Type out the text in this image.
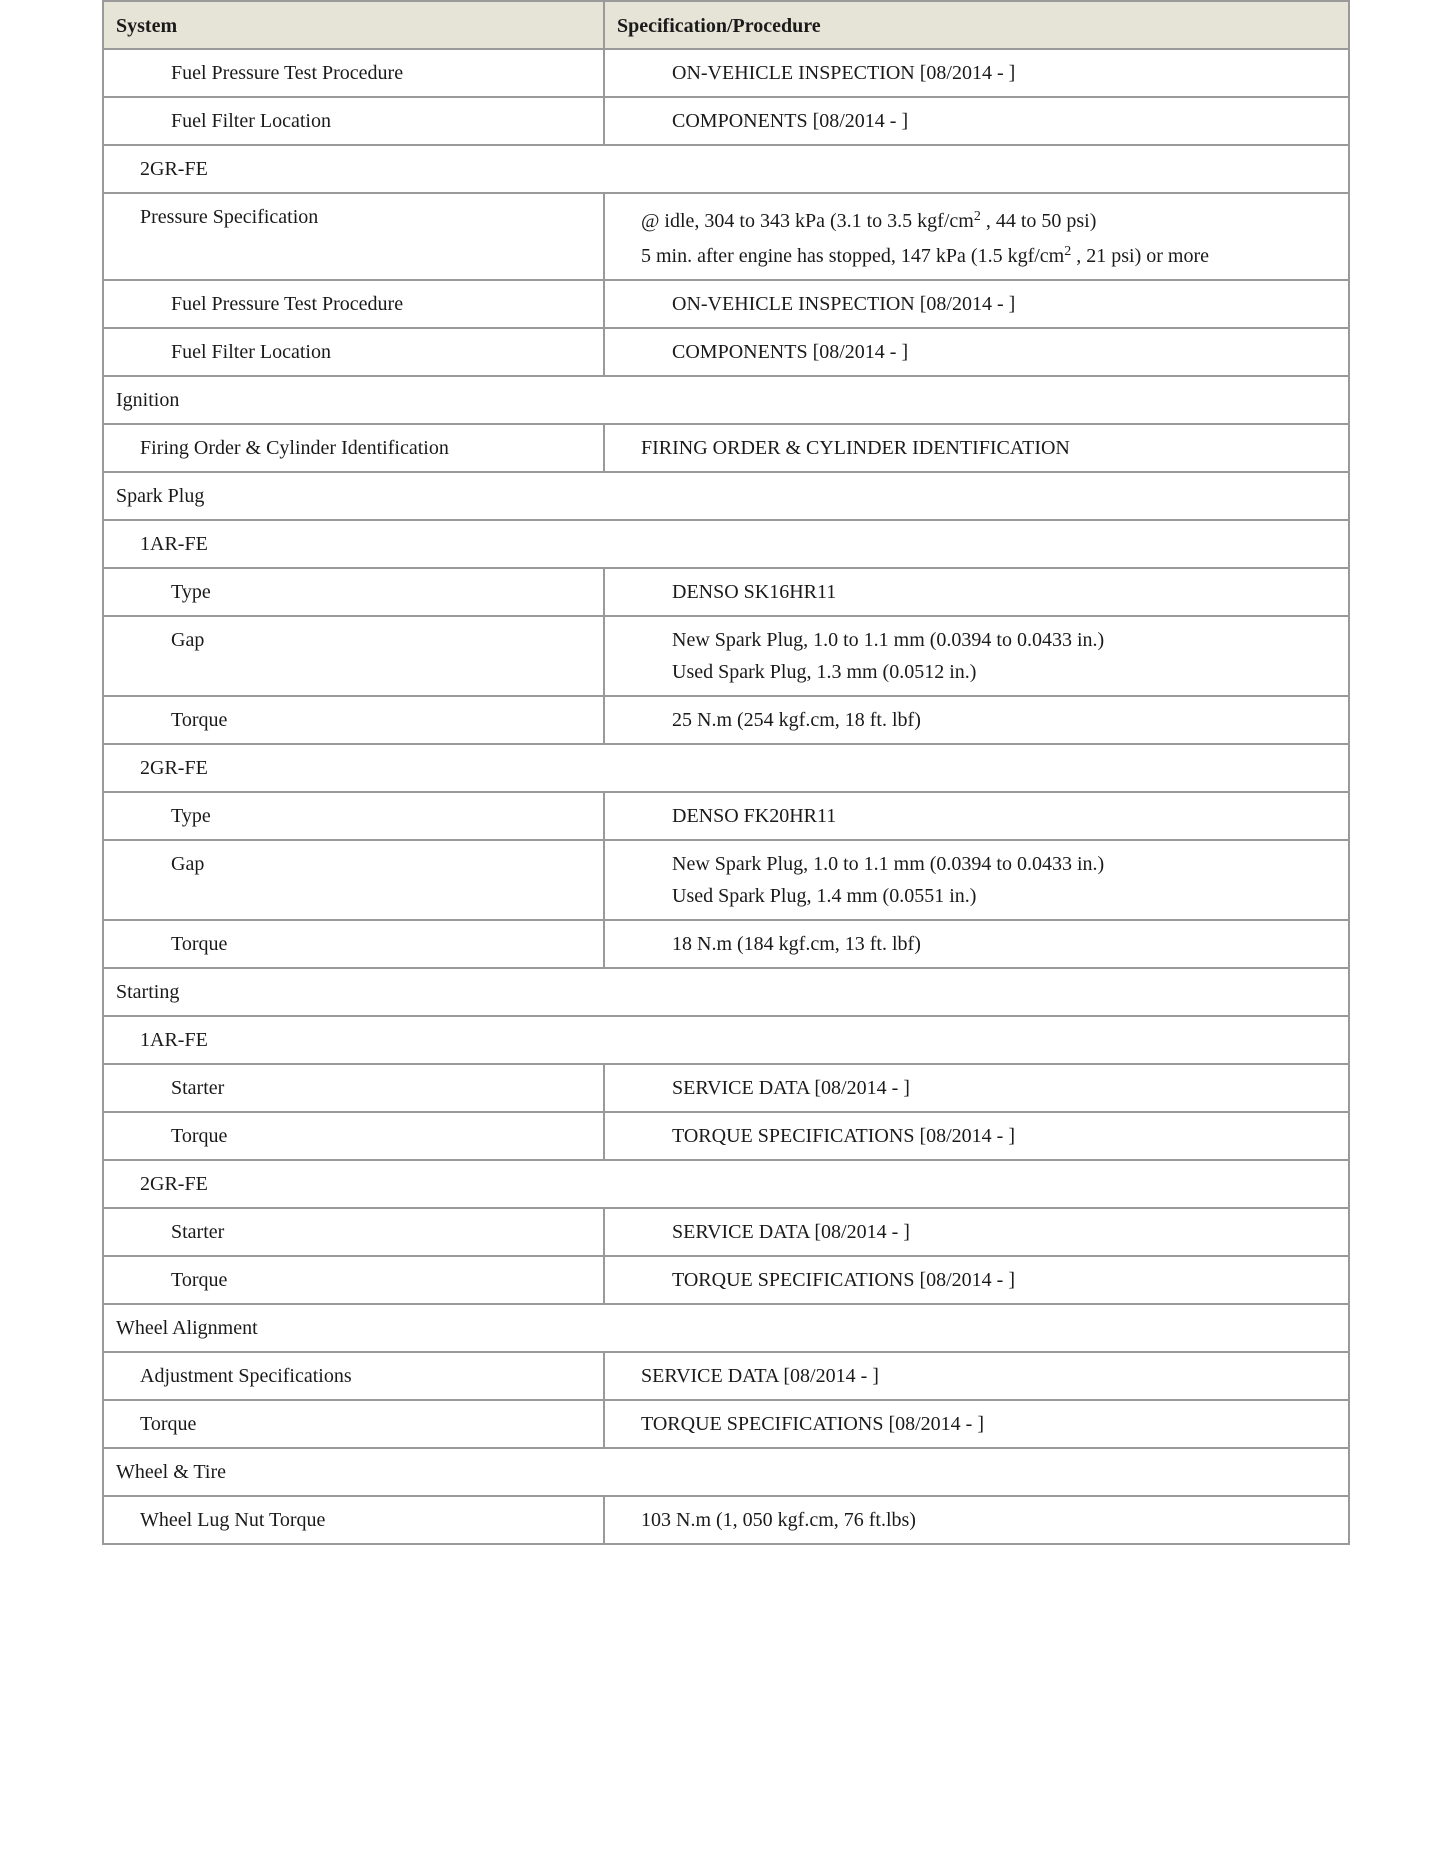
System	Specification/Procedure
Fuel Pressure Test Procedure	ON-VEHICLE INSPECTION [08/2014 - ]

Fuel Filter Location	COMPONENTS [08/2014 - ]

2GR-FE	
Pressure Specification	@ idle, 304 to 343 kPa (3.1 to 3.5 kgf/$cm^2$ , 44 to 50 psi)
5 min. after engine has stopped, 147 kPa (1.5 kgf/$cm^2$ , 21 psi) or more

Fuel Pressure Test Procedure	ON-VEHICLE INSPECTION [08/2014 - ]

Fuel Filter Location	COMPONENTS [08/2014 - ]

Ignition	
Firing Order & Cylinder Identification	FIRING ORDER & CYLINDER IDENTIFICATION

Spark Plug	
1AR-FE	
Type	DENSO SK16HR11

Gap	New Spark Plug, 1.0 to 1.1 mm (0.0394 to 0.0433 in.)
Used Spark Plug, 1.3 mm (0.0512 in.)

Torque	25 N.m (254 kgf.cm, 18 ft. lbf)

2GR-FE	
Type	DENSO FK20HR11

Gap	New Spark Plug, 1.0 to 1.1 mm (0.0394 to 0.0433 in.)
Used Spark Plug, 1.4 mm (0.0551 in.)

Torque	18 N.m (184 kgf.cm, 13 ft. lbf)

Starting	
1AR-FE	
Starter	SERVICE DATA [08/2014 - ]

Torque	TORQUE SPECIFICATIONS [08/2014 - ]

2GR-FE	
Starter	SERVICE DATA [08/2014 - ]

Torque	TORQUE SPECIFICATIONS [08/2014 - ]

Wheel Alignment	
Adjustment Specifications	SERVICE DATA [08/2014 - ]

Torque	TORQUE SPECIFICATIONS [08/2014 - ]

Wheel & Tire	
Wheel Lug Nut Torque	103 N.m (1, 050 kgf.cm, 76 ft.lbs)
